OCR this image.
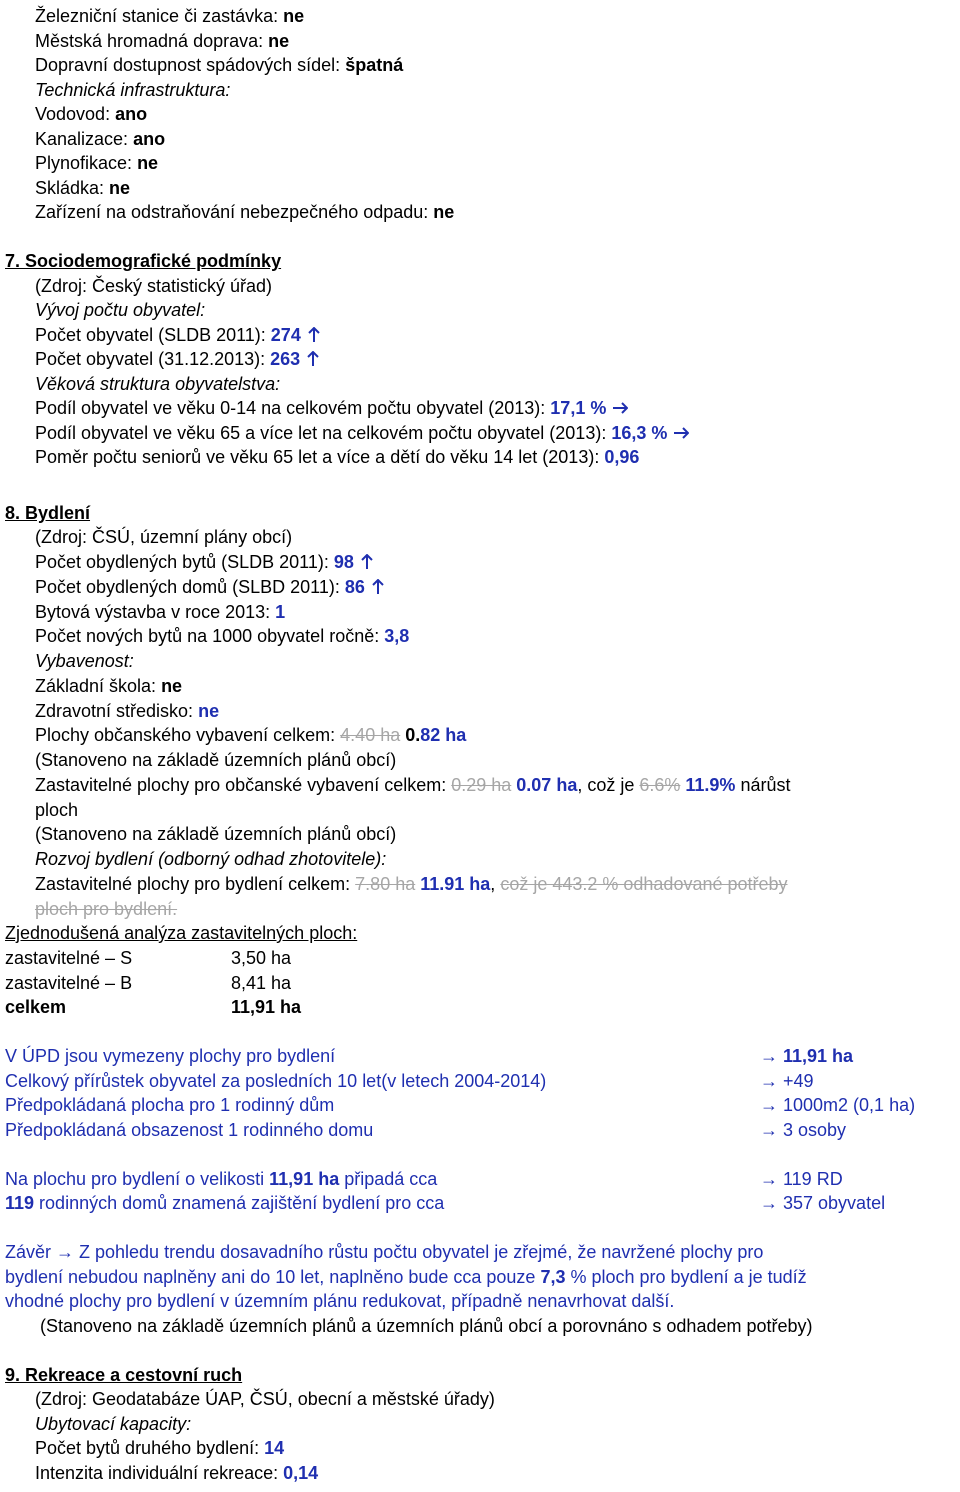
Železniční stanice či zastávka: ne
Městská hromadná doprava: ne
Dopravní dostupnost spádových sídel: špatná
Technická infrastruktura:
Vodovod: ano
Kanalizace: ano
Plynofikace: ne
Skládka: ne
Zařízení na odstraňování nebezpečného odpadu: ne
7. Sociodemografické podmínky
(Zdroj: Český statistický úřad)
Vývoj počtu obyvatel:
Počet obyvatel (SLDB 2011): 274
Počet obyvatel (31.12.2013): 263
Věková struktura obyvatelstva:
Podíl obyvatel ve věku 0-14 na celkovém počtu obyvatel (2013): 17,1 %
Podíl obyvatel ve věku 65 a více let na celkovém počtu obyvatel (2013): 16,3 %
Poměr počtu seniorů ve věku 65 let a více a dětí do věku 14 let (2013): 0,96
8. Bydlení
(Zdroj: ČSÚ, územní plány obcí)
Počet obydlených bytů (SLDB 2011): 98
Počet obydlených domů (SLBD 2011): 86
Bytová výstavba v roce 2013: 1
Počet nových bytů na 1000 obyvatel ročně: 3,8
Vybavenost:
Základní škola: ne
Zdravotní středisko: ne
Plochy občanského vybavení celkem: 4.40 ha 0.82 ha
(Stanoveno na základě územních plánů obcí)
Zastavitelné plochy pro občanské vybavení celkem: 0.29 ha 0.07 ha, což je 6.6% 11.9% nárůst
ploch
(Stanoveno na základě územních plánů obcí)
Rozvoj bydlení (odborný odhad zhotovitele):
Zastavitelné plochy pro bydlení celkem: 7.80 ha 11.91 ha, což je 443.2 % odhadované potřeby
ploch pro bydlení.
Zjednodušená analýza zastavitelných ploch:
zastavitelné – S	3,50 ha
zastavitelné – B	8,41 ha
celkem	11,91 ha
V ÚPD jsou vymezeny plochy pro bydlení	→ 11,91 ha
Celkový přírůstek obyvatel za posledních 10 let(v letech 2004-2014)	→ +49
Předpokládaná plocha pro 1 rodinný dům	→ 1000m2 (0,1 ha)
Předpokládaná obsazenost 1 rodinného domu	→ 3 osoby
Na plochu pro bydlení o velikosti 11,91 ha připadá cca	→ 119 RD
119 rodinných domů znamená zajištění bydlení pro cca	→ 357 obyvatel
Závěr → Z pohledu trendu dosavadního růstu počtu obyvatel je zřejmé, že navržené plochy pro
bydlení nebudou naplněny ani do 10 let, naplněno bude cca pouze 7,3 % ploch pro bydlení a je tudíž
vhodné plochy pro bydlení v územním plánu redukovat, případně nenavrhovat další.
(Stanoveno na základě územních plánů a územních plánů obcí a porovnáno s odhadem potřeby)
9. Rekreace a cestovní ruch
(Zdroj: Geodatabáze ÚAP, ČSÚ, obecní a městské úřady)
Ubytovací kapacity:
Počet bytů druhého bydlení: 14
Intenzita individuální rekreace: 0,14
